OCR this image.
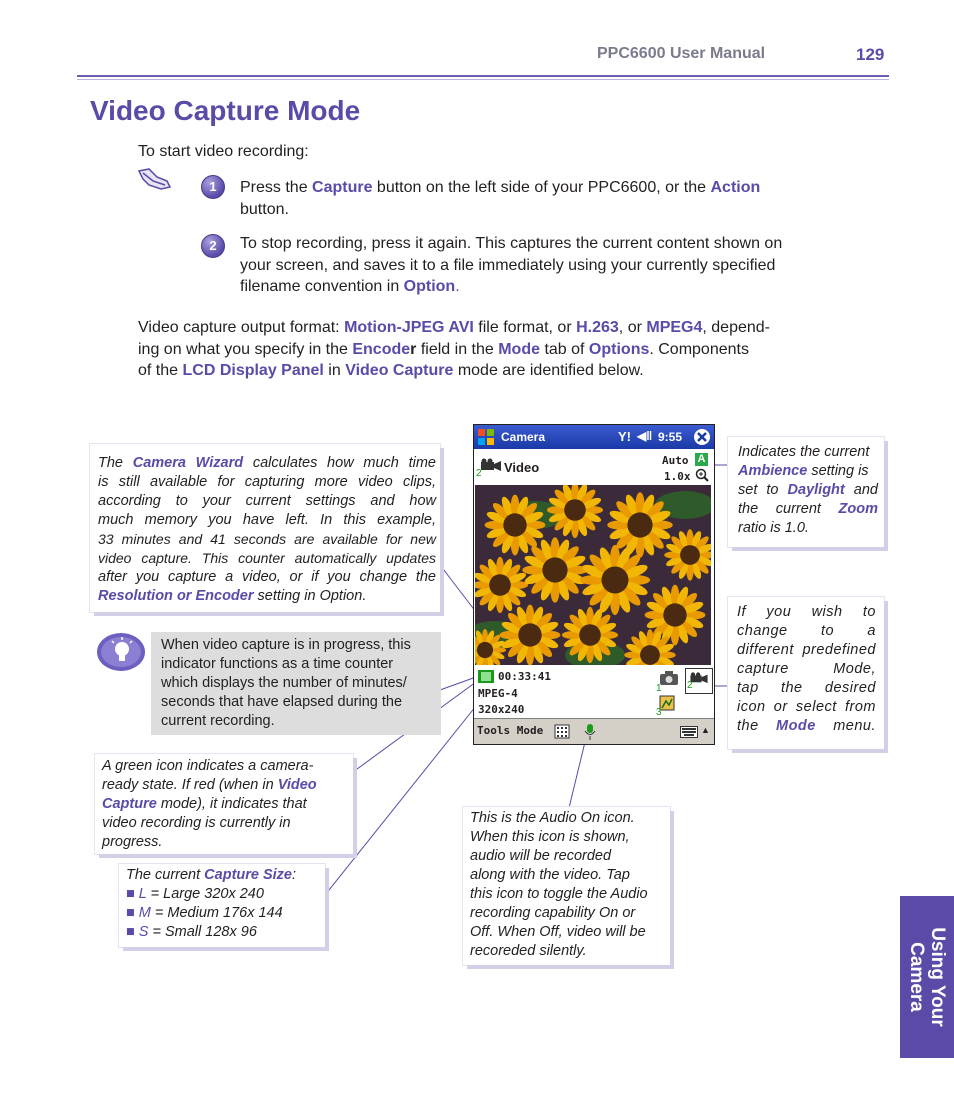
PPC6600 User Manual	129
Video Capture Mode
To start video recording:
1	Press the Capture button on the left side of your PPC6600, or the Action
button.
2	To stop recording, press it again. This captures the current content shown on
your screen, and saves it to a file immediately using your currently specified
filename convention in Option.
Video capture output format: Motion-JPEG AVI file format, or H.263, or MPEG4, depend-
ing on what you specify in the Encoder field in the Mode tab of Options. Components
of the LCD Display Panel in Video Capture mode are identified below.
The Camera Wizard calculates how much time
is still available for capturing more video clips,
according to your current settings and how
much memory you have left. In this example,
33 minutes and 41 seconds are available for new
video capture. This counter automatically updates
after you capture a video, or if you change the
Resolution or Encoder setting in Option.
Indicates the current
Ambience setting is
set to Daylight and
the current Zoom
ratio is 1.0.
If you wish to
change to a
different predefined
capture Mode,
tap the desired
icon or select from
the Mode menu.
When video capture is in progress, this
indicator functions as a time counter
which displays the number of minutes/
seconds that have elapsed during the
current recording.
A green icon indicates a camera-
ready state. If red (when in Video
Capture mode), it indicates that
video recording is currently in
progress.
The current Capture Size:
■ L = Large 320x 240
■ M = Medium 176x 144
■ S = Small 128x 96
This is the Audio On icon.
When this icon is shown,
audio will be recorded
along with the video. Tap
this icon to toggle the Audio
recording capability On or
Off. When Off, video will be
recoreded silently.
Camera	Y! ◀‖ 9:55
2 Video	Auto A
1.0x
00:33:41
MPEG-4
320x240
1	2
3
Tools Mode	▲
Using Your
Camera
